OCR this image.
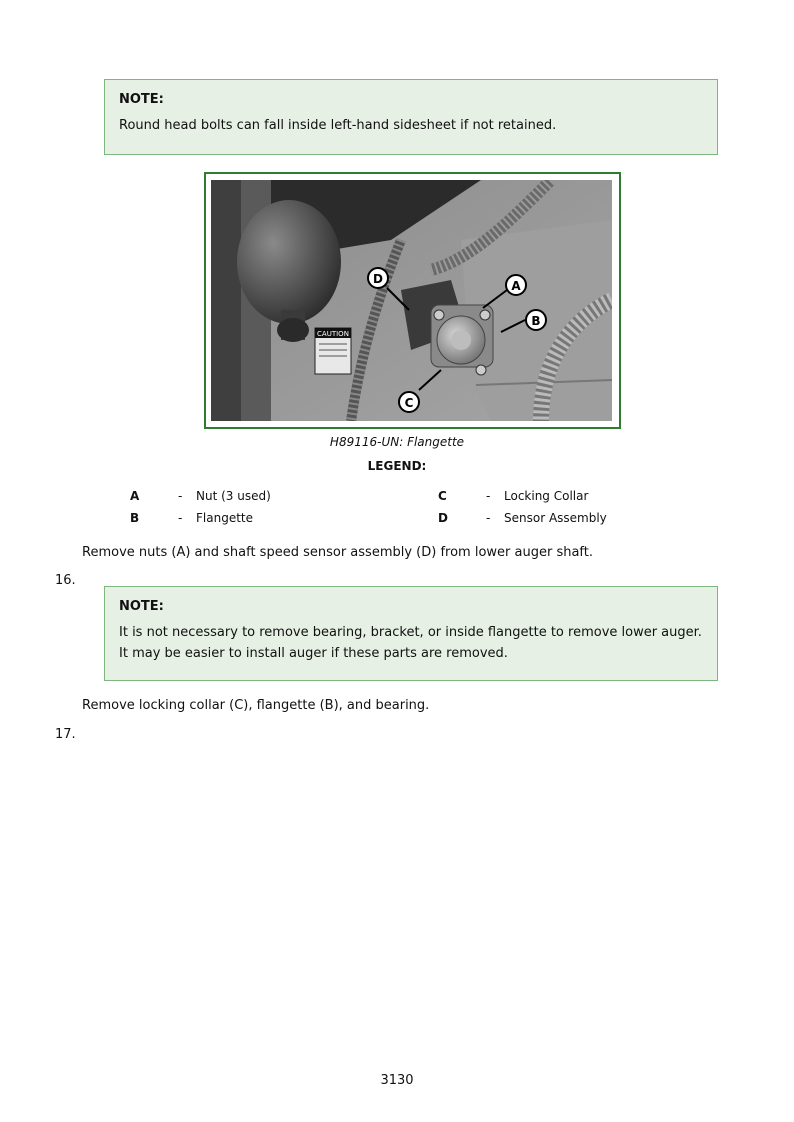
NOTE:

Round head bolts can fall inside left-hand sidesheet if not retained.

CAUTION
D	A
B
C
H89116-UN: Flangette
LEGEND:
A	- Nut (3 used)
B	- Flangette
C	- Locking Collar
D	- Sensor Assembly
Remove nuts (A) and shaft speed sensor assembly (D) from lower auger shaft.
16.

NOTE:

It is not necessary to remove bearing, bracket, or inside flangette to remove lower auger.

It may be easier to install auger if these parts are removed.

Remove locking collar (C), flangette (B), and bearing.
17.
3130
